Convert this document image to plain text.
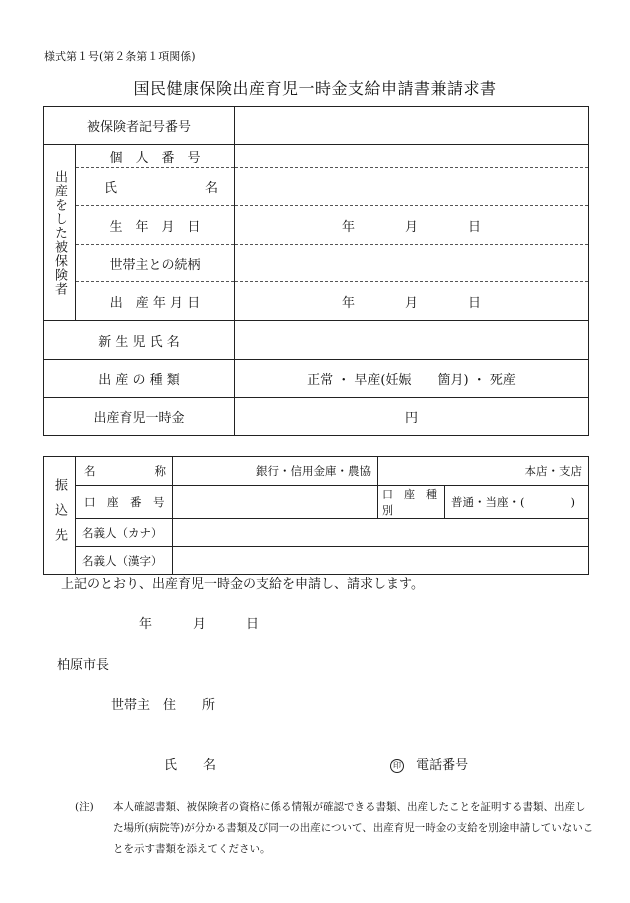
様式第１号(第２条第１項関係)
国民健康保険出産育児一時金支給申請書兼請求書
被保険者記号番号		

出産をした被保険者	個　人　番　号	

	氏 名	

	生　年　月　日	年 月 日

	世帯主との続柄	
	出　産 年 月 日	年 月 日

新 生 児 氏 名		
出 産 の 種 類		正常 ・ 早産(妊娠　　箇月) ・ 死産
出産育児一時金		円
振込先	名 称	銀行・信用金庫・農協	本店・支店	
	口　座　番　号		口　座　種　別	普通・当座・(　　　　)
	名義人（カナ）			
	名義人（漢字）			
上記のとおり、出産育児一時金の支給を申請し、請求します。
年	月	日
柏原市長
世帯主 住　　所
氏　　名	印 電話番号
(注)	本人確認書類、被保険者の資格に係る情報が確認できる書類、出産したことを証明する書類、出産した場所(病院等)が分かる書類及び同一の出産について、出産育児一時金の支給を別途申請していないことを示す書類を添えてください。
